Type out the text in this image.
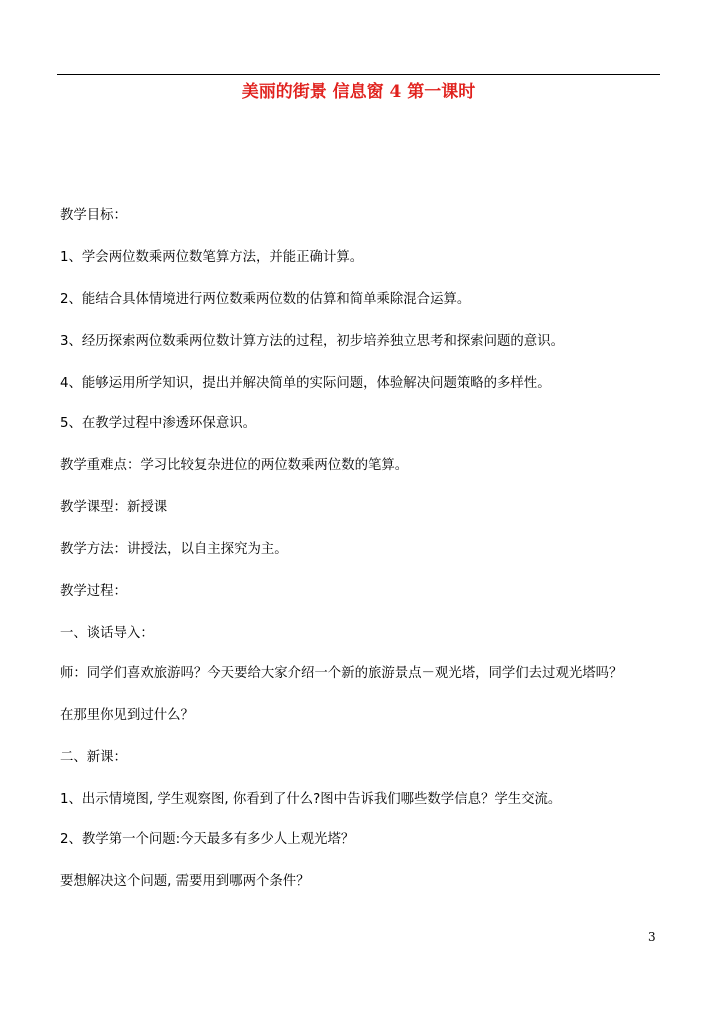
美丽的街景 信息窗 4 第一课时
教学目标：
1、学会两位数乘两位数笔算方法，并能正确计算。
2、能结合具体情境进行两位数乘两位数的估算和简单乘除混合运算。
3、经历探索两位数乘两位数计算方法的过程，初步培养独立思考和探索问题的意识。
4、能够运用所学知识，提出并解决简单的实际问题，体验解决问题策略的多样性。
5、在教学过程中渗透环保意识。
教学重难点：学习比较复杂进位的两位数乘两位数的笔算。
教学课型：新授课
教学方法：讲授法，以自主探究为主。
教学过程：
一、谈话导入：
师：同学们喜欢旅游吗？今天要给大家介绍一个新的旅游景点－观光塔，同学们去过观光塔吗？
在那里你见到过什么？
二、新课：
1、出示情境图, 学生观察图, 你看到了什么?图中告诉我们哪些数学信息？学生交流。
2、教学第一个问题:今天最多有多少人上观光塔？
要想解决这个问题, 需要用到哪两个条件？
3
